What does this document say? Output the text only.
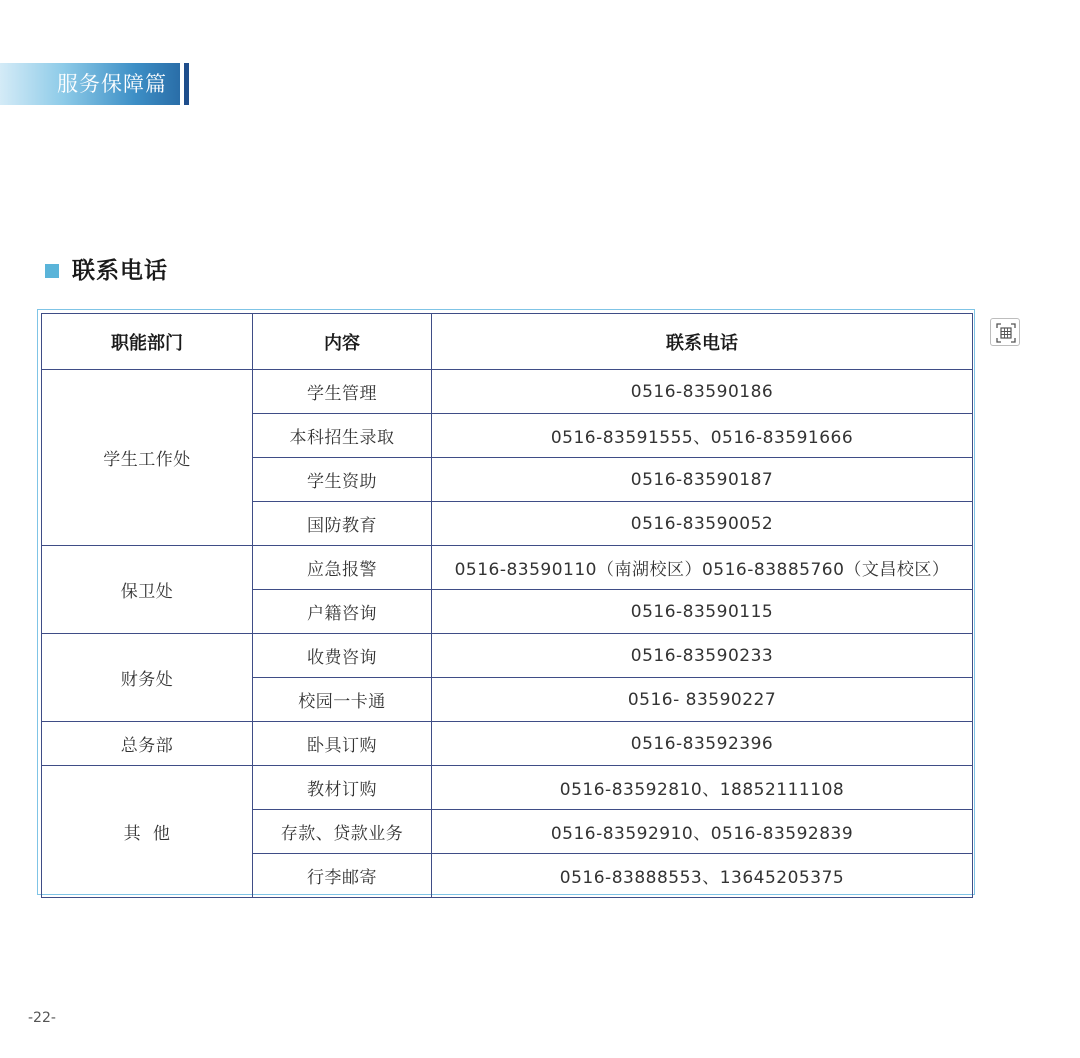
服务保障篇
联系电话
职能部门	内容	联系电话
学生工作处	学生管理	0516-83590186
	本科招生录取	0516-83591555、0516-83591666
	学生资助	0516-83590187
	国防教育	0516-83590052
保卫处	应急报警	0516-83590110（南湖校区）0516-83885760（文昌校区）
	户籍咨询	0516-83590115
财务处	收费咨询	0516-83590233
	校园一卡通	0516- 83590227
总务部	卧具订购	0516-83592396
其  他	教材订购	0516-83592810、18852111108
	存款、贷款业务	0516-83592910、0516-83592839
	行李邮寄	0516-83888553、13645205375
-22-
